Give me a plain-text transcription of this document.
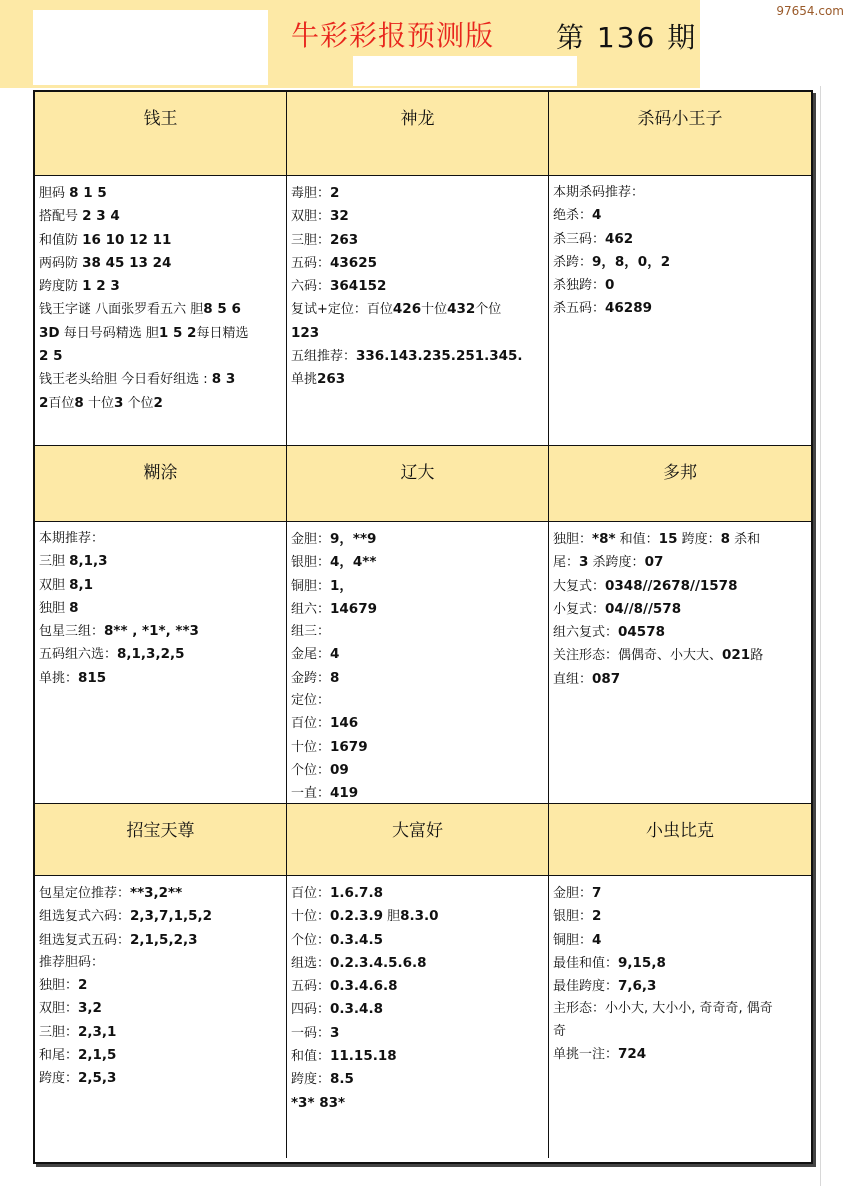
牛彩彩报预测版 第 136 期
97654.com
钱王	神龙	杀码小王子
胆码 8 1 5
搭配号 2 3 4
和值防 16 10 12 11
两码防 38 45 13 24
跨度防 1 2 3
钱王字谜 八面张罗看五六 胆8 5 6
3D 每日号码精选 胆1 5 2每日精选
2 5
钱王老头给胆 今日看好组选 : 8 3
2百位8 十位3 个位2
毒胆：2
双胆：32
三胆：263
五码：43625
六码：364152
复试+定位：百位426十位432个位
123
五组推荐：336.143.235.251.345.
单挑263
本期杀码推荐：
绝杀：4
杀三码：462
杀跨：9，8，0，2
杀独跨：0
杀五码：46289
糊涂	辽大	多邦
本期推荐：
三胆 8,1,3
双胆 8,1
独胆 8
包星三组：8** , *1*, **3
五码组六选：8,1,3,2,5
单挑：815
金胆：9，**9
银胆：4，4**
铜胆：1，
组六：14679
组三：
金尾：4
金跨：8
定位：
百位：146
十位：1679
个位：09
一直：419
独胆：*8* 和值：15 跨度：8 杀和
尾：3 杀跨度：07
大复式：0348//2678//1578
小复式：04//8//578
组六复式：04578
关注形态：偶偶奇、小大大、021路
直组：087
招宝天尊	大富好	小虫比克
包星定位推荐：**3,2**
组选复式六码：2,3,7,1,5,2
组选复式五码：2,1,5,2,3
推荐胆码：
独胆：2
双胆：3,2
三胆：2,3,1
和尾：2,1,5
跨度：2,5,3
百位：1.6.7.8
十位：0.2.3.9 胆8.3.0
个位：0.3.4.5
组选：0.2.3.4.5.6.8
五码：0.3.4.6.8
四码：0.3.4.8
一码：3
和值：11.15.18
跨度：8.5
*3* 83*
金胆：7
银胆：2
铜胆：4
最佳和值：9,15,8
最佳跨度：7,6,3
主形态：小小大, 大小小, 奇奇奇, 偶奇
奇
单挑一注：724
